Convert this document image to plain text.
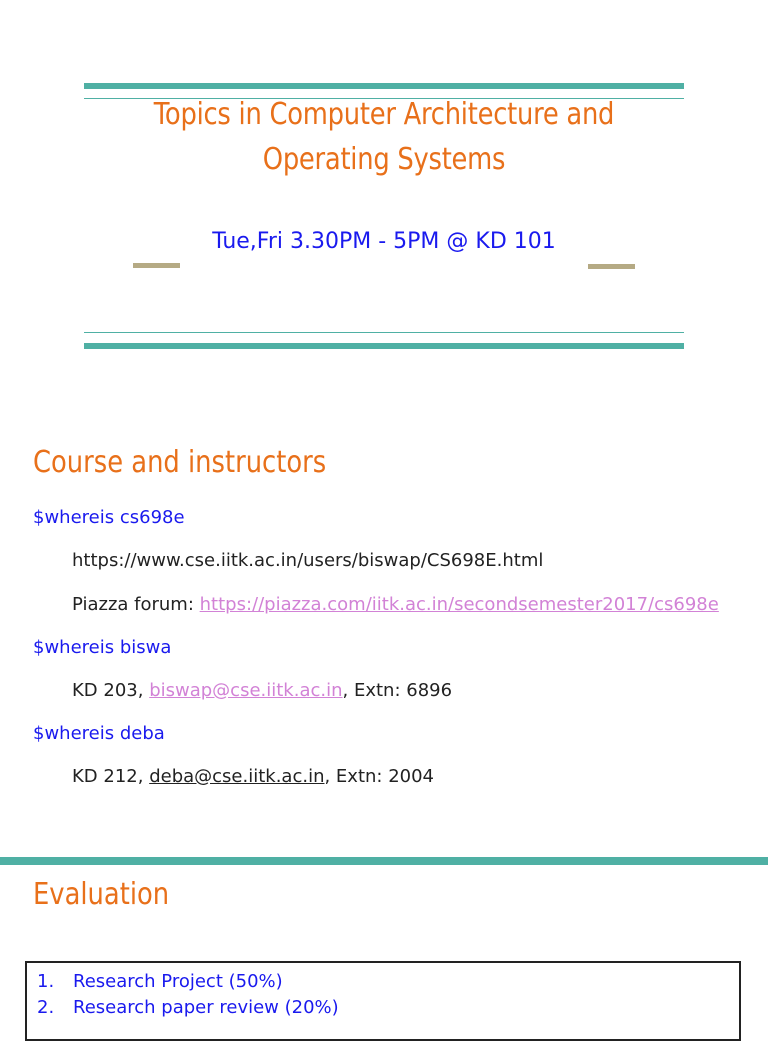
Topics in Computer Architecture and Operating Systems
Tue,Fri 3.30PM - 5PM @ KD 101
Course and instructors
$whereis cs698e
https://www.cse.iitk.ac.in/users/biswap/CS698E.html
Piazza forum: https://piazza.com/iitk.ac.in/secondsemester2017/cs698e
$whereis biswa
KD 203, biswap@cse.iitk.ac.in, Extn: 6896
$whereis deba
KD 212, deba@cse.iitk.ac.in, Extn: 2004
Evaluation
1. Research Project (50%)
2. Research paper review (20%)
